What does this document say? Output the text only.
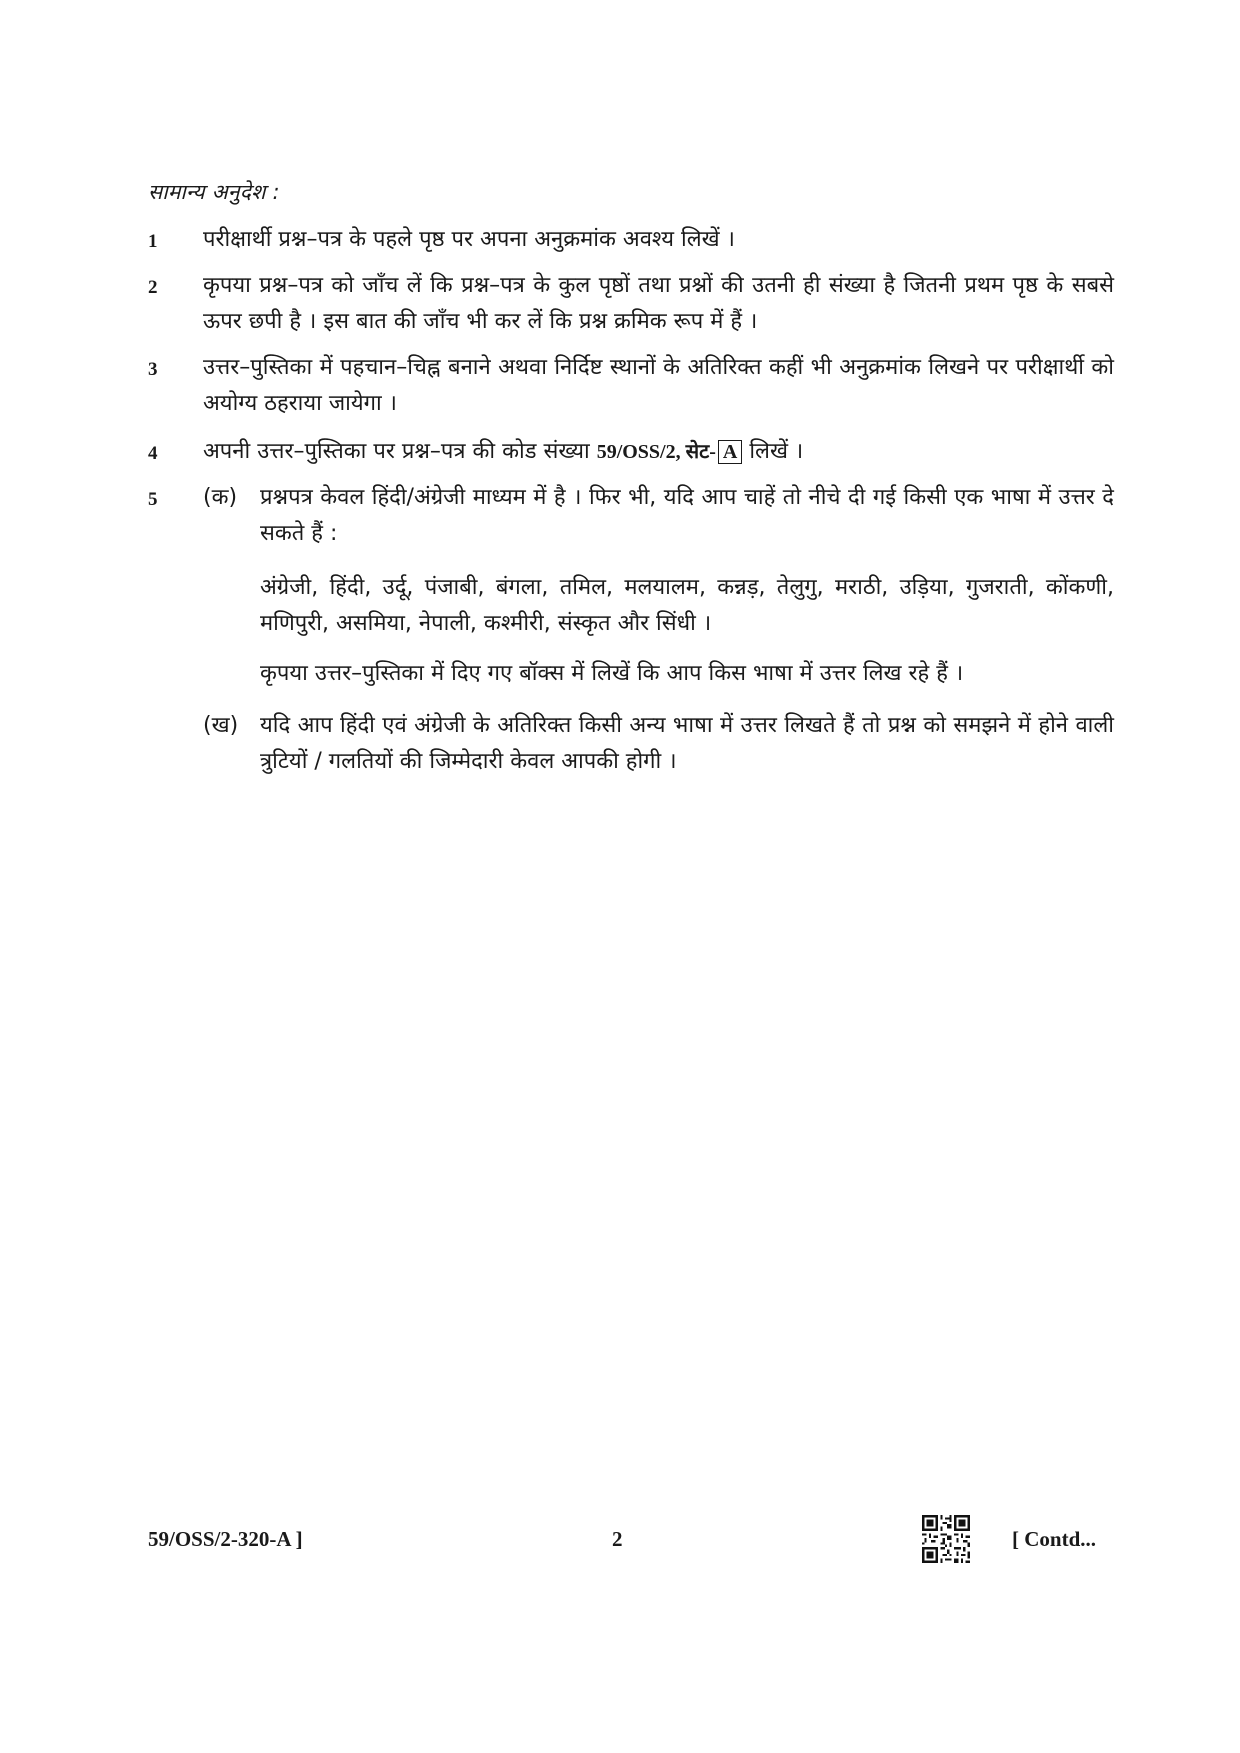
सामान्य अनुदेश :
1 परीक्षार्थी प्रश्न–पत्र के पहले पृष्ठ पर अपना अनुक्रमांक अवश्य लिखें ।
2 कृपया प्रश्न–पत्र को जाँच लें कि प्रश्न–पत्र के कुल पृष्ठों तथा प्रश्नों की उतनी ही संख्या है जितनी प्रथम पृष्ठ के सबसे ऊपर छपी है । इस बात की जाँच भी कर लें कि प्रश्न क्रमिक रूप में हैं ।
3 उत्तर–पुस्तिका में पहचान–चिह्न बनाने अथवा निर्दिष्ट स्थानों के अतिरिक्त कहीं भी अनुक्रमांक लिखने पर परीक्षार्थी को अयोग्य ठहराया जायेगा ।
4 अपनी उत्तर–पुस्तिका पर प्रश्न–पत्र की कोड संख्या 59/OSS/2, सेट- A लिखें ।
5 (क) प्रश्नपत्र केवल हिंदी/अंग्रेजी माध्यम में है । फिर भी, यदि आप चाहें तो नीचे दी गई किसी एक भाषा में उत्तर दे सकते हैं :
अंग्रेजी, हिंदी, उर्दू, पंजाबी, बंगला, तमिल, मलयालम, कन्नड़, तेलुगु, मराठी, उड़िया, गुजराती, कोंकणी, मणिपुरी, असमिया, नेपाली, कश्मीरी, संस्कृत और सिंधी ।
कृपया उत्तर–पुस्तिका में दिए गए बॉक्स में लिखें कि आप किस भाषा में उत्तर लिख रहे हैं ।
(ख) यदि आप हिंदी एवं अंग्रेजी के अतिरिक्त किसी अन्य भाषा में उत्तर लिखते हैं तो प्रश्न को समझने में होने वाली त्रुटियों / गलतियों की जिम्मेदारी केवल आपकी होगी ।
59/OSS/2-320-A ]	2	[ Contd...
